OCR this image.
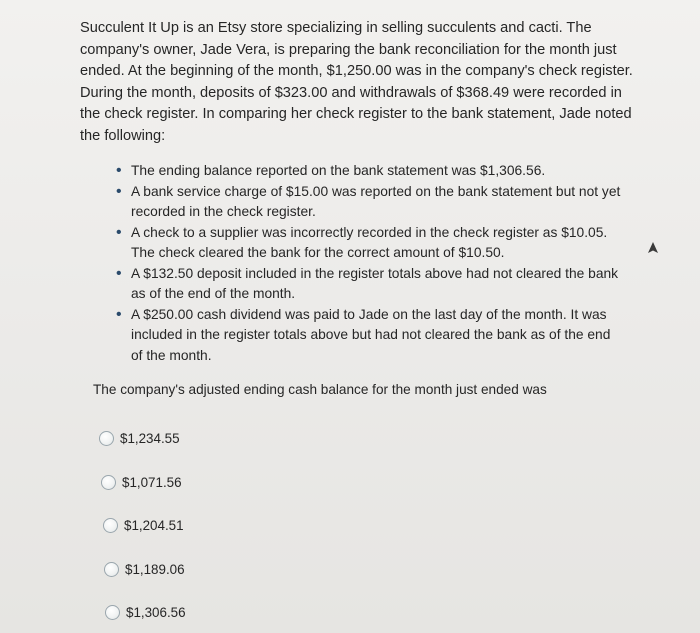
Succulent It Up is an Etsy store specializing in selling succulents and cacti. The company's owner, Jade Vera, is preparing the bank reconciliation for the month just ended. At the beginning of the month, $1,250.00 was in the company's check register. During the month, deposits of $323.00 and withdrawals of $368.49 were recorded in the check register. In comparing her check register to the bank statement, Jade noted the following:

• The ending balance reported on the bank statement was $1,306.56.
• A bank service charge of $15.00 was reported on the bank statement but not yet recorded in the check register.
• A check to a supplier was incorrectly recorded in the check register as $10.05. The check cleared the bank for the correct amount of $10.50.
• A $132.50 deposit included in the register totals above had not cleared the bank as of the end of the month.
• A $250.00 cash dividend was paid to Jade on the last day of the month. It was included in the register totals above but had not cleared the bank as of the end of the month.
The company's adjusted ending cash balance for the month just ended was
$1,234.55
$1,071.56
$1,204.51
$1,189.06
$1,306.56
